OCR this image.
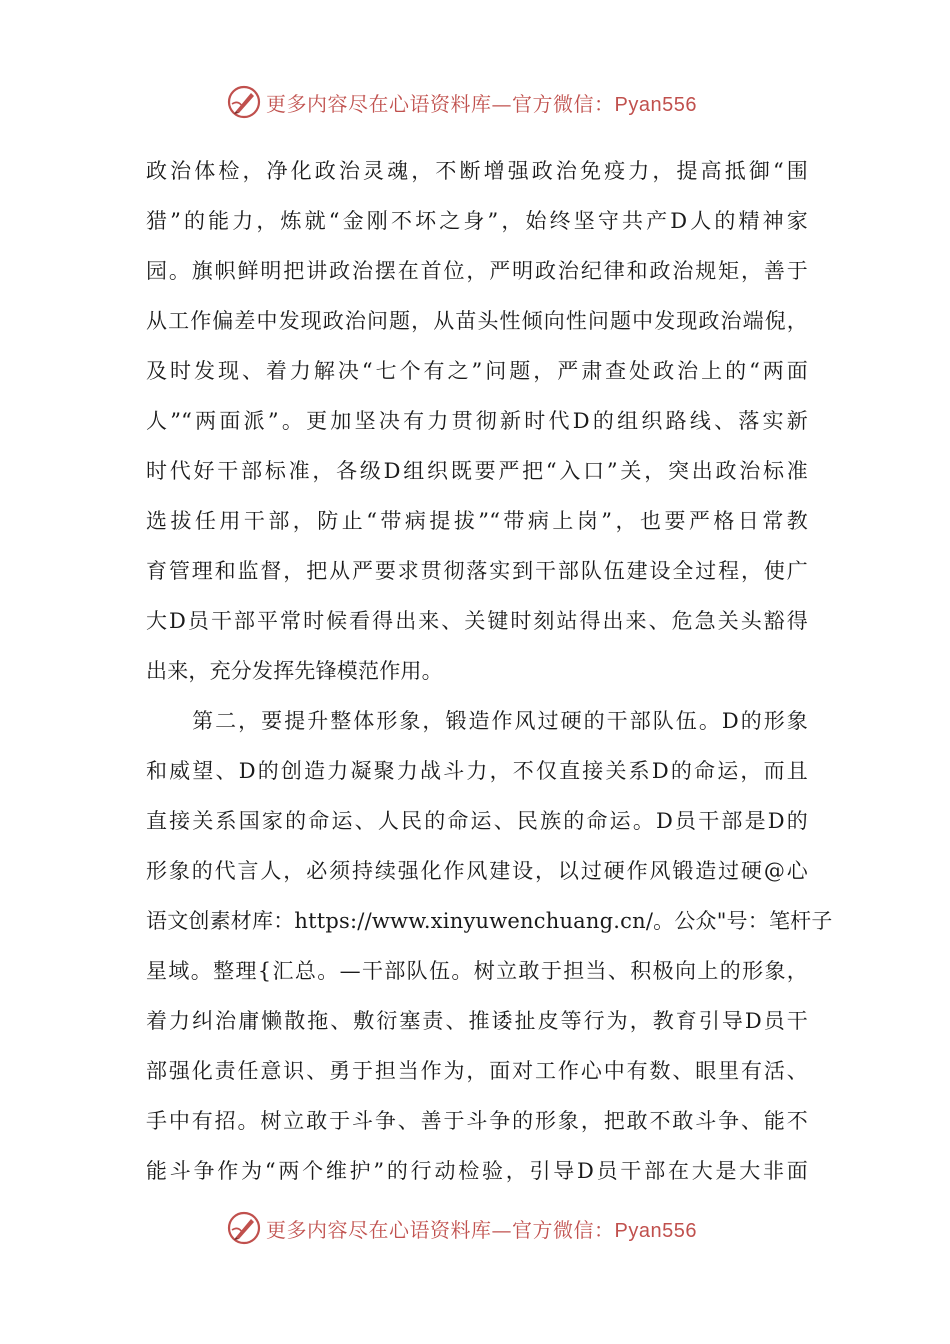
更多内容尽在心语资料库—官方微信：Pyan556
政治体检，净化政治灵魂，不断增强政治免疫力，提高抵御“围
猎”的能力，炼就“金刚不坏之身”，始终坚守共产D人的精神家
园。旗帜鲜明把讲政治摆在首位，严明政治纪律和政治规矩，善于
从工作偏差中发现政治问题，从苗头性倾向性问题中发现政治端倪，
及时发现、着力解决“七个有之”问题，严肃查处政治上的“两面
人”“两面派”。更加坚决有力贯彻新时代D的组织路线、落实新
时代好干部标准，各级D组织既要严把“入口”关，突出政治标准
选拔任用干部，防止“带病提拔”“带病上岗”，也要严格日常教
育管理和监督，把从严要求贯彻落实到干部队伍建设全过程，使广
大D员干部平常时候看得出来、关键时刻站得出来、危急关头豁得
出来，充分发挥先锋模范作用。
　　第二，要提升整体形象，锻造作风过硬的干部队伍。D的形象
和威望、D的创造力凝聚力战斗力，不仅直接关系D的命运，而且
直接关系国家的命运、人民的命运、民族的命运。D员干部是D的
形象的代言人，必须持续强化作风建设，以过硬作风锻造过硬@心
语文创素材库：https://www.xinyuwenchuang.cn/。公众"号：笔杆子
星域。整理{汇总。—干部队伍。树立敢于担当、积极向上的形象，
着力纠治庸懒散拖、敷衍塞责、推诿扯皮等行为，教育引导D员干
部强化责任意识、勇于担当作为，面对工作心中有数、眼里有活、
手中有招。树立敢于斗争、善于斗争的形象，把敢不敢斗争、能不
能斗争作为“两个维护”的行动检验，引导D员干部在大是大非面
更多内容尽在心语资料库—官方微信：Pyan556
